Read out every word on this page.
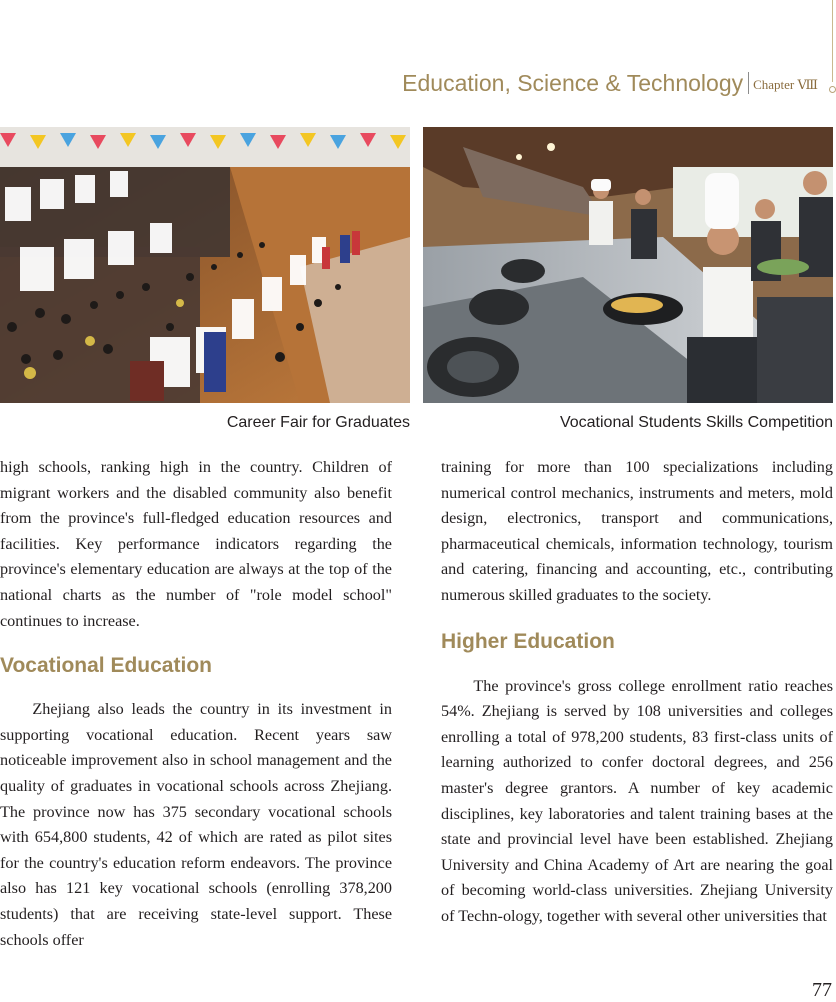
Education, Science & Technology Chapter Ⅷ
Career Fair for Graduates	Vocational Students Skills Competition

high schools, ranking high in the country. Children of migrant workers and the disabled community also benefit from the province's full-fledged education resources and facilities. Key performance indicators regarding the province's elementary education are always at the top of the national charts as the number of "role model school" continues to increase.

Vocational Education

Zhejiang also leads the country in its investment in supporting vocational education. Recent years saw noticeable improvement also in school management and the quality of graduates in vocational schools across Zhejiang. The province now has 375 secondary vocational schools with 654,800 students, 42 of which are rated as pilot sites for the country's education reform endeavors. The province also has 121 key vocational schools (enrolling 378,200 students) that are receiving state-level support. These schools offer

training for more than 100 specializations including numerical control mechanics, instruments and meters, mold design, electronics, transport and communications, pharmaceutical chemicals, information technology, tourism and catering, financing and accounting, etc., contributing numerous skilled graduates to the society.

Higher Education

The province's gross college enrollment ratio reaches 54%. Zhejiang is served by 108 universities and colleges enrolling a total of 978,200 students, 83 first-class units of learning authorized to confer doctoral degrees, and 256 master's degree grantors. A number of key academic disciplines, key laboratories and talent training bases at the state and provincial level have been established. Zhejiang University and China Academy of Art are nearing the goal of becoming world-class universities. Zhejiang University of Techn-ology, together with several other universities that

77
